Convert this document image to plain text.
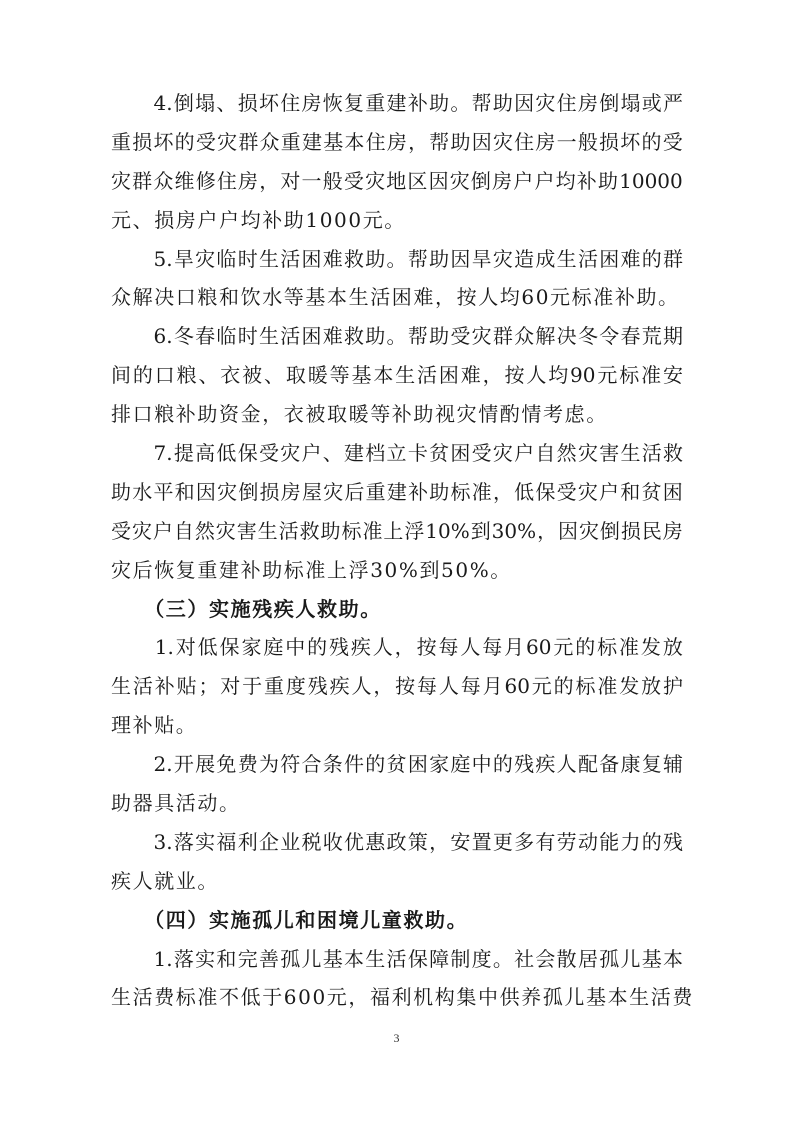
4. 倒 塌 、 损 坏 住 房 恢 复 重 建 补 助 。 帮 助 因 灾 住 房 倒 塌 或 严
重 损 坏 的 受 灾 群 众 重 建 基 本 住 房 ， 帮 助 因 灾 住 房 一 般 损 坏 的 受
灾 群 众 维 修 住 房 ， 对 一 般 受 灾 地 区 因 灾 倒 房 户 户 均 补 助 10000
元、损房户户均补助1000元。

5. 旱 灾 临 时 生 活 困 难 救 助 。 帮 助 因 旱 灾 造 成 生 活 困 难 的 群
众解决口粮和饮水等基本生活困难，按人均60元标准补助。

6. 冬 春 临 时 生 活 困 难 救 助 。 帮 助 受 灾 群 众 解 决 冬 令 春 荒 期
间 的 口 粮 、 衣 被 、 取 暖 等 基 本 生 活 困 难 ， 按 人 均 90 元 标 准 安
排口粮补助资金，衣被取暖等补助视灾情酌情考虑。

7. 提 高 低 保 受 灾 户 、 建 档 立 卡 贫 困 受 灾 户 自 然 灾 害 生 活 救
助 水 平 和 因 灾 倒 损 房 屋 灾 后 重 建 补 助 标 准 ， 低 保 受 灾 户 和 贫 困
受 灾 户 自 然 灾 害 生 活 救 助 标 准 上 浮 10% 到 30% ， 因 灾 倒 损 民 房
灾后恢复重建补助标准上浮30%到50%。
　　（三）实施残疾人救助。

1. 对 低 保 家 庭 中 的 残 疾 人 ， 按 每 人 每 月 60 元 的 标 准 发 放
生 活 补 贴 ； 对 于 重 度 残 疾 人 ， 按 每 人 每 月 60 元 的 标 准 发 放 护
理补贴。

2. 开 展 免 费 为 符 合 条 件 的 贫 困 家 庭 中 的 残 疾 人 配 备 康 复 辅
助器具活动。

3. 落 实 福 利 企 业 税 收 优 惠 政 策 ， 安 置 更 多 有 劳 动 能 力 的 残
疾人就业。
　　（四）实施孤儿和困境儿童救助。

1. 落 实 和 完 善 孤 儿 基 本 生 活 保 障 制 度 。 社 会 散 居 孤 儿 基 本
生活费标准不低于600元，福利机构集中供养孤儿基本生活费
3
